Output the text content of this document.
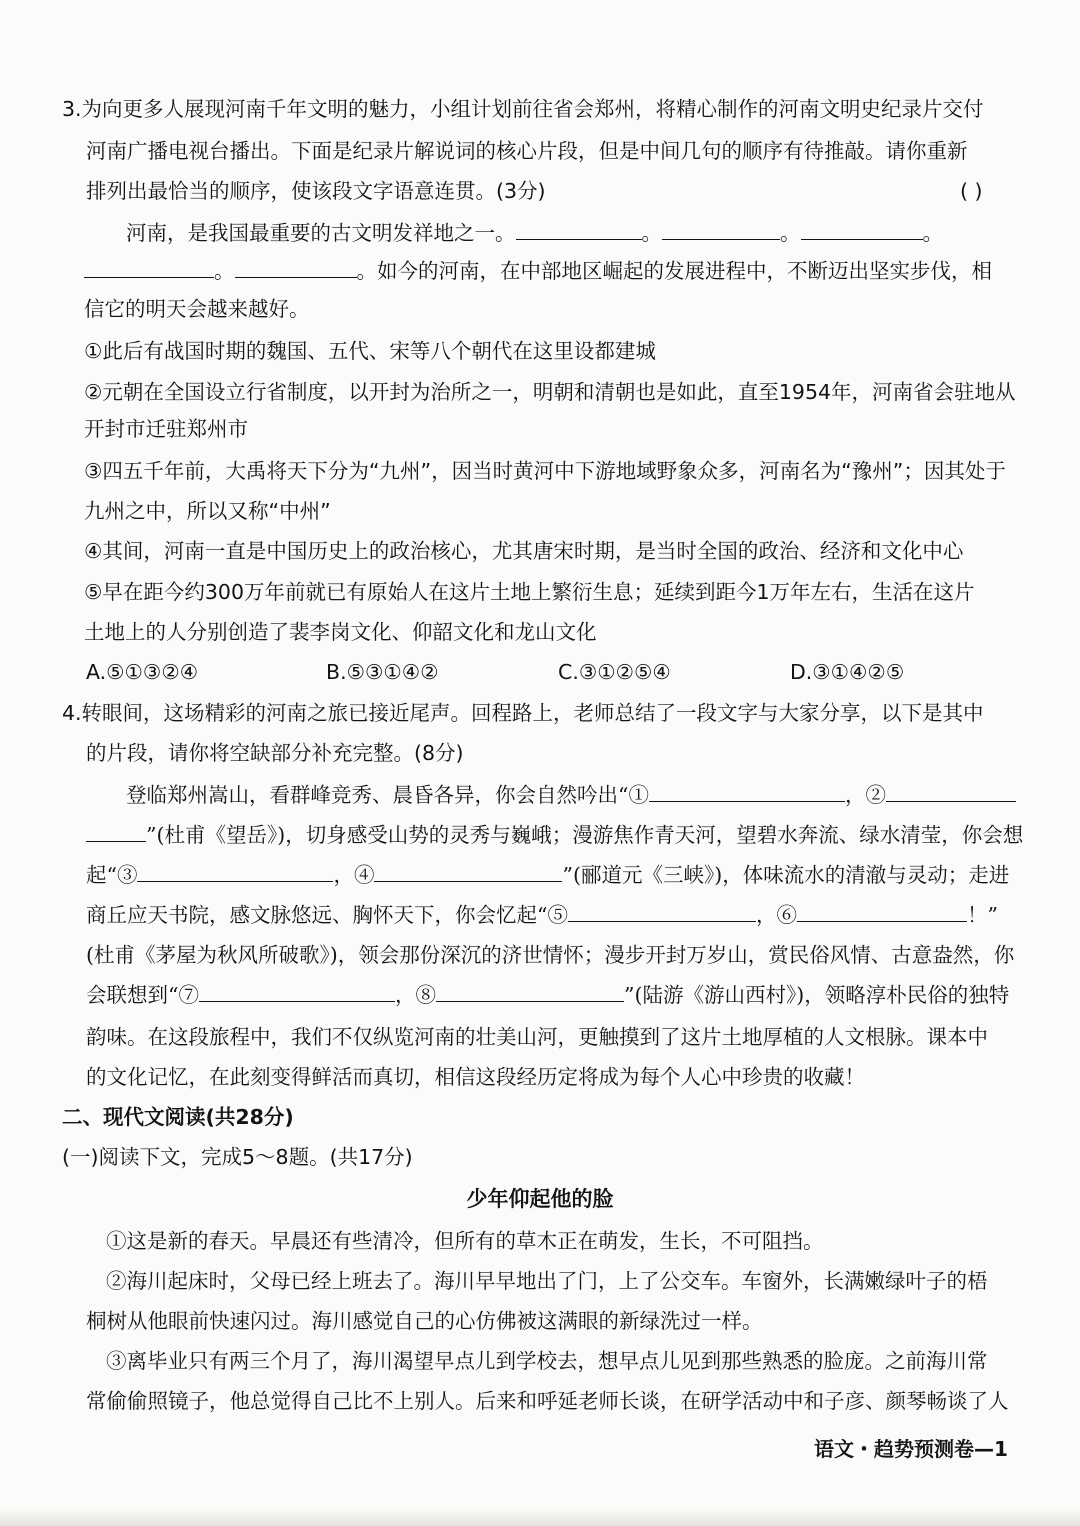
3.为向更多人展现河南千年文明的魅力，小组计划前往省会郑州，将精心制作的河南文明史纪录片交付
河南广播电视台播出。下面是纪录片解说词的核心片段，但是中间几句的顺序有待推敲。请你重新
排列出最恰当的顺序，使该段文字语意连贯。(3分)	( )
河南，是我国最重要的古文明发祥地之一。	。	。	。
。	。如今的河南，在中部地区崛起的发展进程中，不断迈出坚实步伐，相
信它的明天会越来越好。
①此后有战国时期的魏国、五代、宋等八个朝代在这里设都建城
②元朝在全国设立行省制度，以开封为治所之一，明朝和清朝也是如此，直至1954年，河南省会驻地从
开封市迁驻郑州市
③四五千年前，大禹将天下分为“九州”，因当时黄河中下游地域野象众多，河南名为“豫州”；因其处于
九州之中，所以又称“中州”
④其间，河南一直是中国历史上的政治核心，尤其唐宋时期，是当时全国的政治、经济和文化中心
⑤早在距今约300万年前就已有原始人在这片土地上繁衍生息；延续到距今1万年左右，生活在这片
土地上的人分别创造了裴李岗文化、仰韶文化和龙山文化
A.⑤①③②④	B.⑤③①④②	C.③①②⑤④	D.③①④②⑤
4.转眼间，这场精彩的河南之旅已接近尾声。回程路上，老师总结了一段文字与大家分享，以下是其中
的片段，请你将空缺部分补充完整。(8分)
登临郑州嵩山，看群峰竞秀、晨昏各异，你会自然吟出“①	，②
”(杜甫《望岳》)，切身感受山势的灵秀与巍峨；漫游焦作青天河，望碧水奔流、绿水清莹，你会想
起“③	，④	”(郦道元《三峡》)，体味流水的清澈与灵动；走进
商丘应天书院，感文脉悠远、胸怀天下，你会忆起“⑤	，⑥	！”
(杜甫《茅屋为秋风所破歌》)，领会那份深沉的济世情怀；漫步开封万岁山，赏民俗风情、古意盎然，你
会联想到“⑦	，⑧	”(陆游《游山西村》)，领略淳朴民俗的独特
韵味。在这段旅程中，我们不仅纵览河南的壮美山河，更触摸到了这片土地厚植的人文根脉。课本中
的文化记忆，在此刻变得鲜活而真切，相信这段经历定将成为每个人心中珍贵的收藏！
二、现代文阅读(共28分)
(一)阅读下文，完成5～8题。(共17分)
少年仰起他的脸
①这是新的春天。早晨还有些清冷，但所有的草木正在萌发，生长，不可阻挡。
②海川起床时，父母已经上班去了。海川早早地出了门，上了公交车。车窗外，长满嫩绿叶子的梧
桐树从他眼前快速闪过。海川感觉自己的心仿佛被这满眼的新绿洗过一样。
③离毕业只有两三个月了，海川渴望早点儿到学校去，想早点儿见到那些熟悉的脸庞。之前海川常
常偷偷照镜子，他总觉得自己比不上别人。后来和呼延老师长谈，在研学活动中和子彦、颜琴畅谈了人
语文・趋势预测卷—1
